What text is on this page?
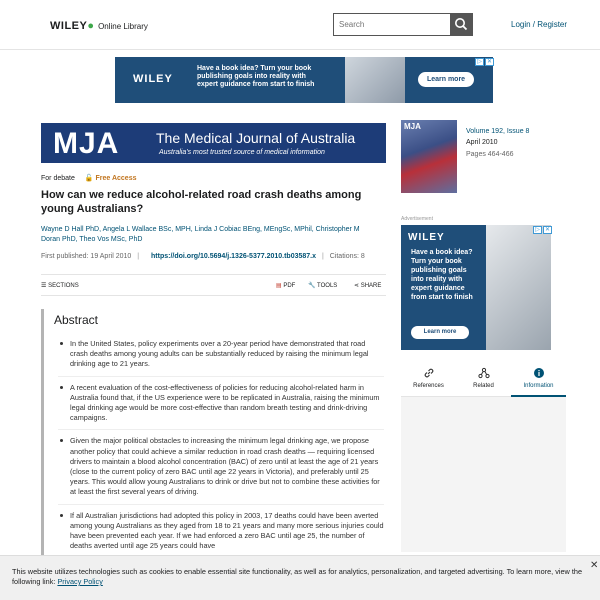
WILEY● Online Library
Search	Login / Register
WILEY
Have a book idea? Turn your book publishing goals into reality with expert guidance from start to finish
Learn more
▷ ✕
MJA	The Medical Journal of Australia
Australia's most trusted source of medical information
For debate 🔓 Free Access
How can we reduce alcohol-related road crash deaths among young Australians?
Wayne D Hall PhD, Angela L Wallace BSc, MPH, Linda J Cobiac BEng, MEngSc, MPhil, Christopher M Doran PhD, Theo Vos MSc, PhD
First published: 19 April 2010 | https://doi.org/10.5694/j.1326-5377.2010.tb03587.x | Citations: 8
☰ SECTIONS	▤ PDF 🔧 TOOLS	⋖ SHARE
Abstract
In the United States, policy experiments over a 20-year period have demonstrated that road crash deaths among young adults can be substantially reduced by raising the minimum legal drinking age to 21 years.
A recent evaluation of the cost-effectiveness of policies for reducing alcohol-related harm in Australia found that, if the US experience were to be replicated in Australia, raising the minimum legal drinking age would be more cost-effective than random breath testing and drink-driving campaigns.
Given the major political obstacles to increasing the minimum legal drinking age, we propose another policy that could achieve a similar reduction in road crash deaths — requiring licensed drivers to maintain a blood alcohol concentration (BAC) of zero until at least the age of 21 years (close to the current policy of zero BAC until age 22 years in Victoria), and preferably until 25 years. This would allow young Australians to drink or drive but not to combine these activities for at least the first several years of driving.
If all Australian jurisdictions had adopted this policy in 2003, 17 deaths could have been averted among young Australians as they aged from 18 to 21 years and many more serious injuries could have been prevented each year. If we had enforced a zero BAC until age 25, the number of deaths averted until age 25 years could have
MJA
Volume 192, Issue 8
April 2010
Pages 464-466
Advertisement
WILEY
Have a book idea? Turn your book publishing goals into reality with expert guidance from start to finish
Learn more
▷ ✕
References	Related	Information
This website utilizes technologies such as cookies to enable essential site functionality, as well as for analytics, personalization, and targeted advertising. To learn more, view the following link: Privacy Policy
✕
